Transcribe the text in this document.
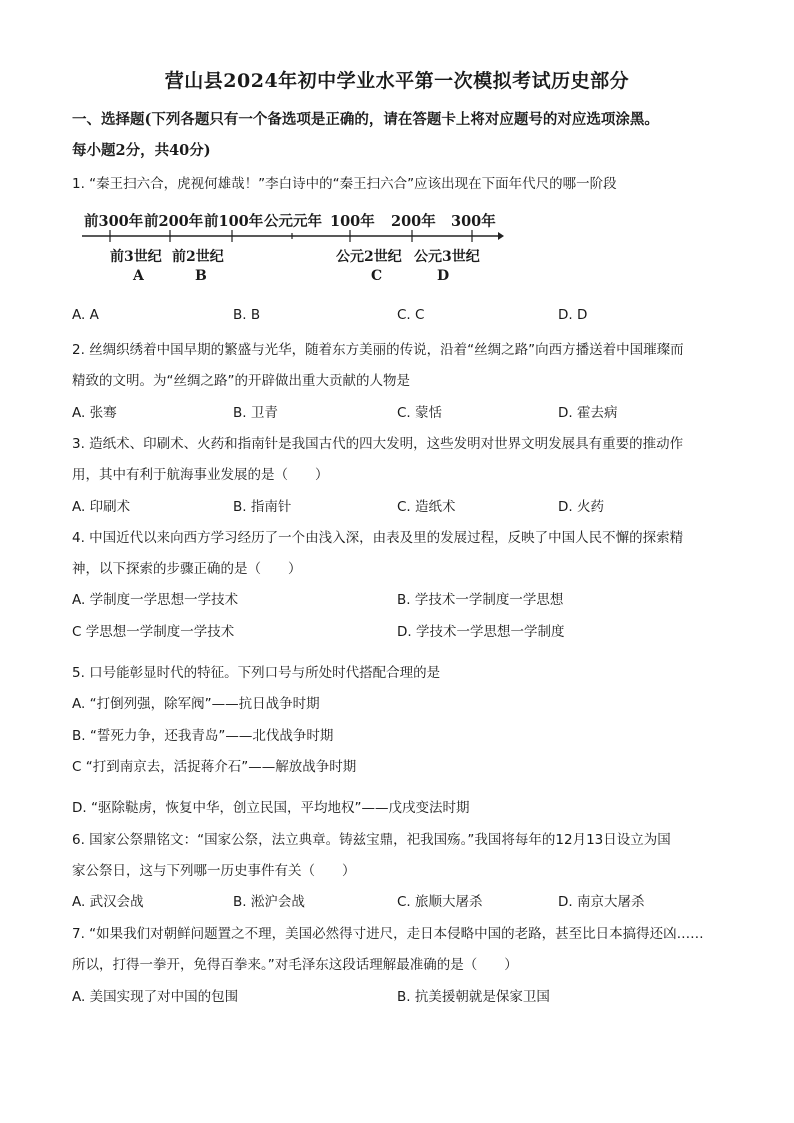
营山县2024年初中学业水平第一次模拟考试历史部分
一、选择题(下列各题只有一个备选项是正确的，请在答题卡上将对应题号的对应选项涂黑。
每小题2分，共40分)
1. “秦王扫六合，虎视何雄哉！”李白诗中的“秦王扫六合”应该出现在下面年代尺的哪一阶段
前300年 前200年 前100年 公元元年 100年 200年 300年
前3世纪 前2世纪	公元2世纪 公元3世纪
A	B	C	D
A. A	B. B	C. C	D. D
2. 丝绸织绣着中国早期的繁盛与光华，随着东方美丽的传说，沿着“丝绸之路”向西方播送着中国璀璨而
精致的文明。为“丝绸之路”的开辟做出重大贡献的人物是
A. 张骞	B. 卫青	C. 蒙恬	D. 霍去病
3. 造纸术、印刷术、火药和指南针是我国古代的四大发明，这些发明对世界文明发展具有重要的推动作
用，其中有利于航海事业发展的是（　　）
A. 印刷术	B. 指南针	C. 造纸术	D. 火药
4. 中国近代以来向西方学习经历了一个由浅入深，由表及里的发展过程，反映了中国人民不懈的探索精
神，以下探索的步骤正确的是（　　）
A. 学制度一学思想一学技术	B. 学技术一学制度一学思想
C 学思想一学制度一学技术	D. 学技术一学思想一学制度
5. 口号能彰显时代的特征。下列口号与所处时代搭配合理的是
A. “打倒列强，除军阀”——抗日战争时期
B. “誓死力争，还我青岛”——北伐战争时期
C “打到南京去，活捉蒋介石”——解放战争时期
D. “驱除鞑虏，恢复中华，创立民国，平均地权”——戊戌变法时期
6. 国家公祭鼎铭文：“国家公祭，法立典章。铸兹宝鼎，祀我国殇。”我国将每年的12月13日设立为国
家公祭日，这与下列哪一历史事件有关（　　）
A. 武汉会战	B. 淞沪会战	C. 旅顺大屠杀	D. 南京大屠杀
7. “如果我们对朝鲜问题置之不理，美国必然得寸进尺，走日本侵略中国的老路，甚至比日本搞得还凶……
所以，打得一拳开，免得百拳来。”对毛泽东这段话理解最准确的是（　　）
A. 美国实现了对中国的包围	B. 抗美援朝就是保家卫国
